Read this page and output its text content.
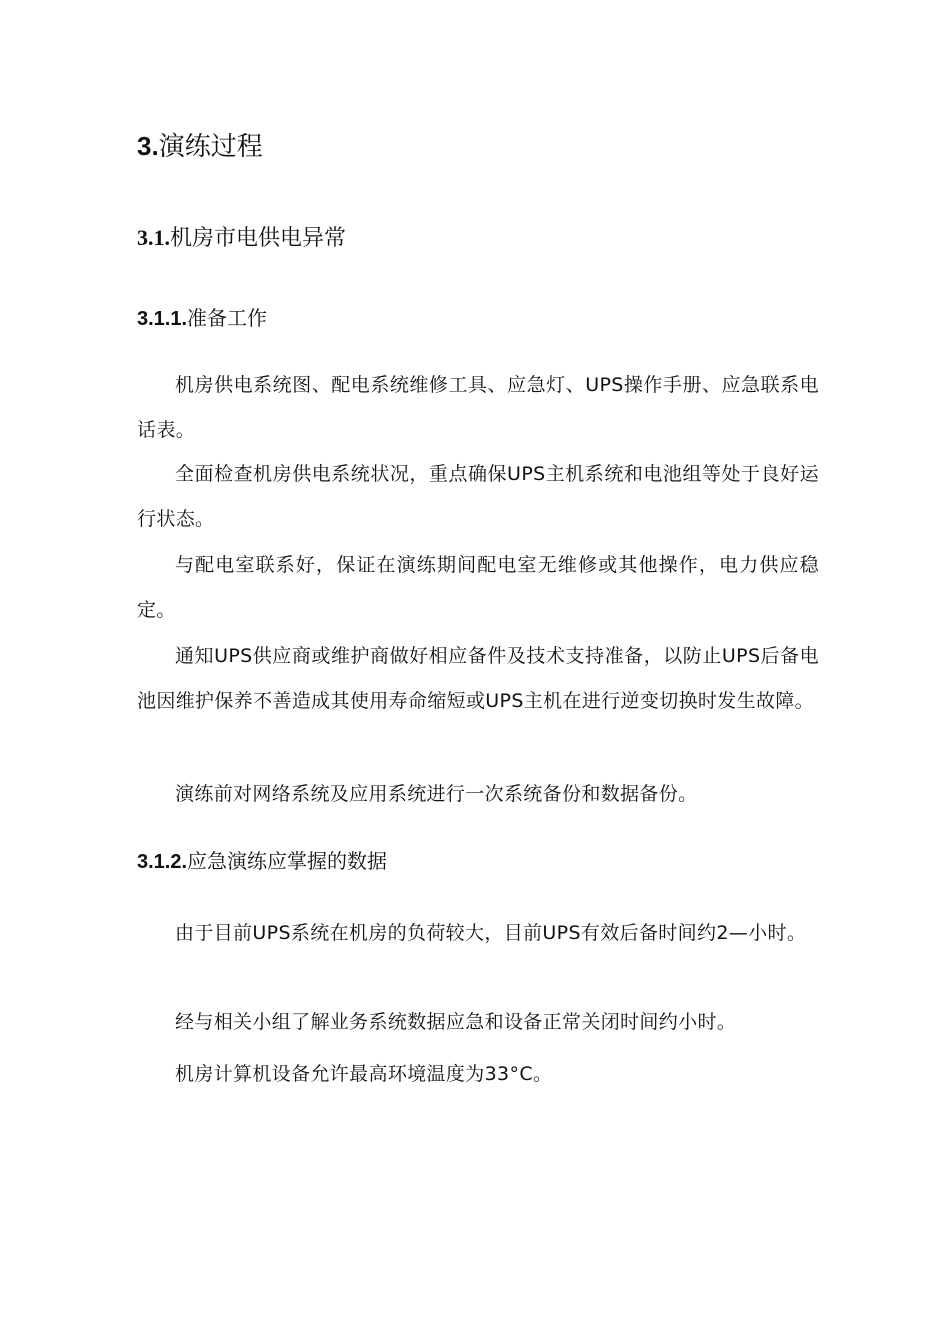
3.演练过程
3.1.机房市电供电异常
3.1.1.准备工作

机房供电系统图、配电系统维修工具、应急灯、UPS操作手册、应急联系电话表。

全面检查机房供电系统状况，重点确保UPS主机系统和电池组等处于良好运行状态。

与配电室联系好，保证在演练期间配电室无维修或其他操作，电力供应稳定。

通知UPS供应商或维护商做好相应备件及技术支持准备，以防止UPS后备电池因维护保养不善造成其使用寿命缩短或UPS主机在进行逆变切换时发生故障。

演练前对网络系统及应用系统进行一次系统备份和数据备份。

3.1.2.应急演练应掌握的数据

由于目前UPS系统在机房的负荷较大，目前UPS有效后备时间约2—小时。

经与相关小组了解业务系统数据应急和设备正常关闭时间约小时。

机房计算机设备允许最高环境温度为33°C。
